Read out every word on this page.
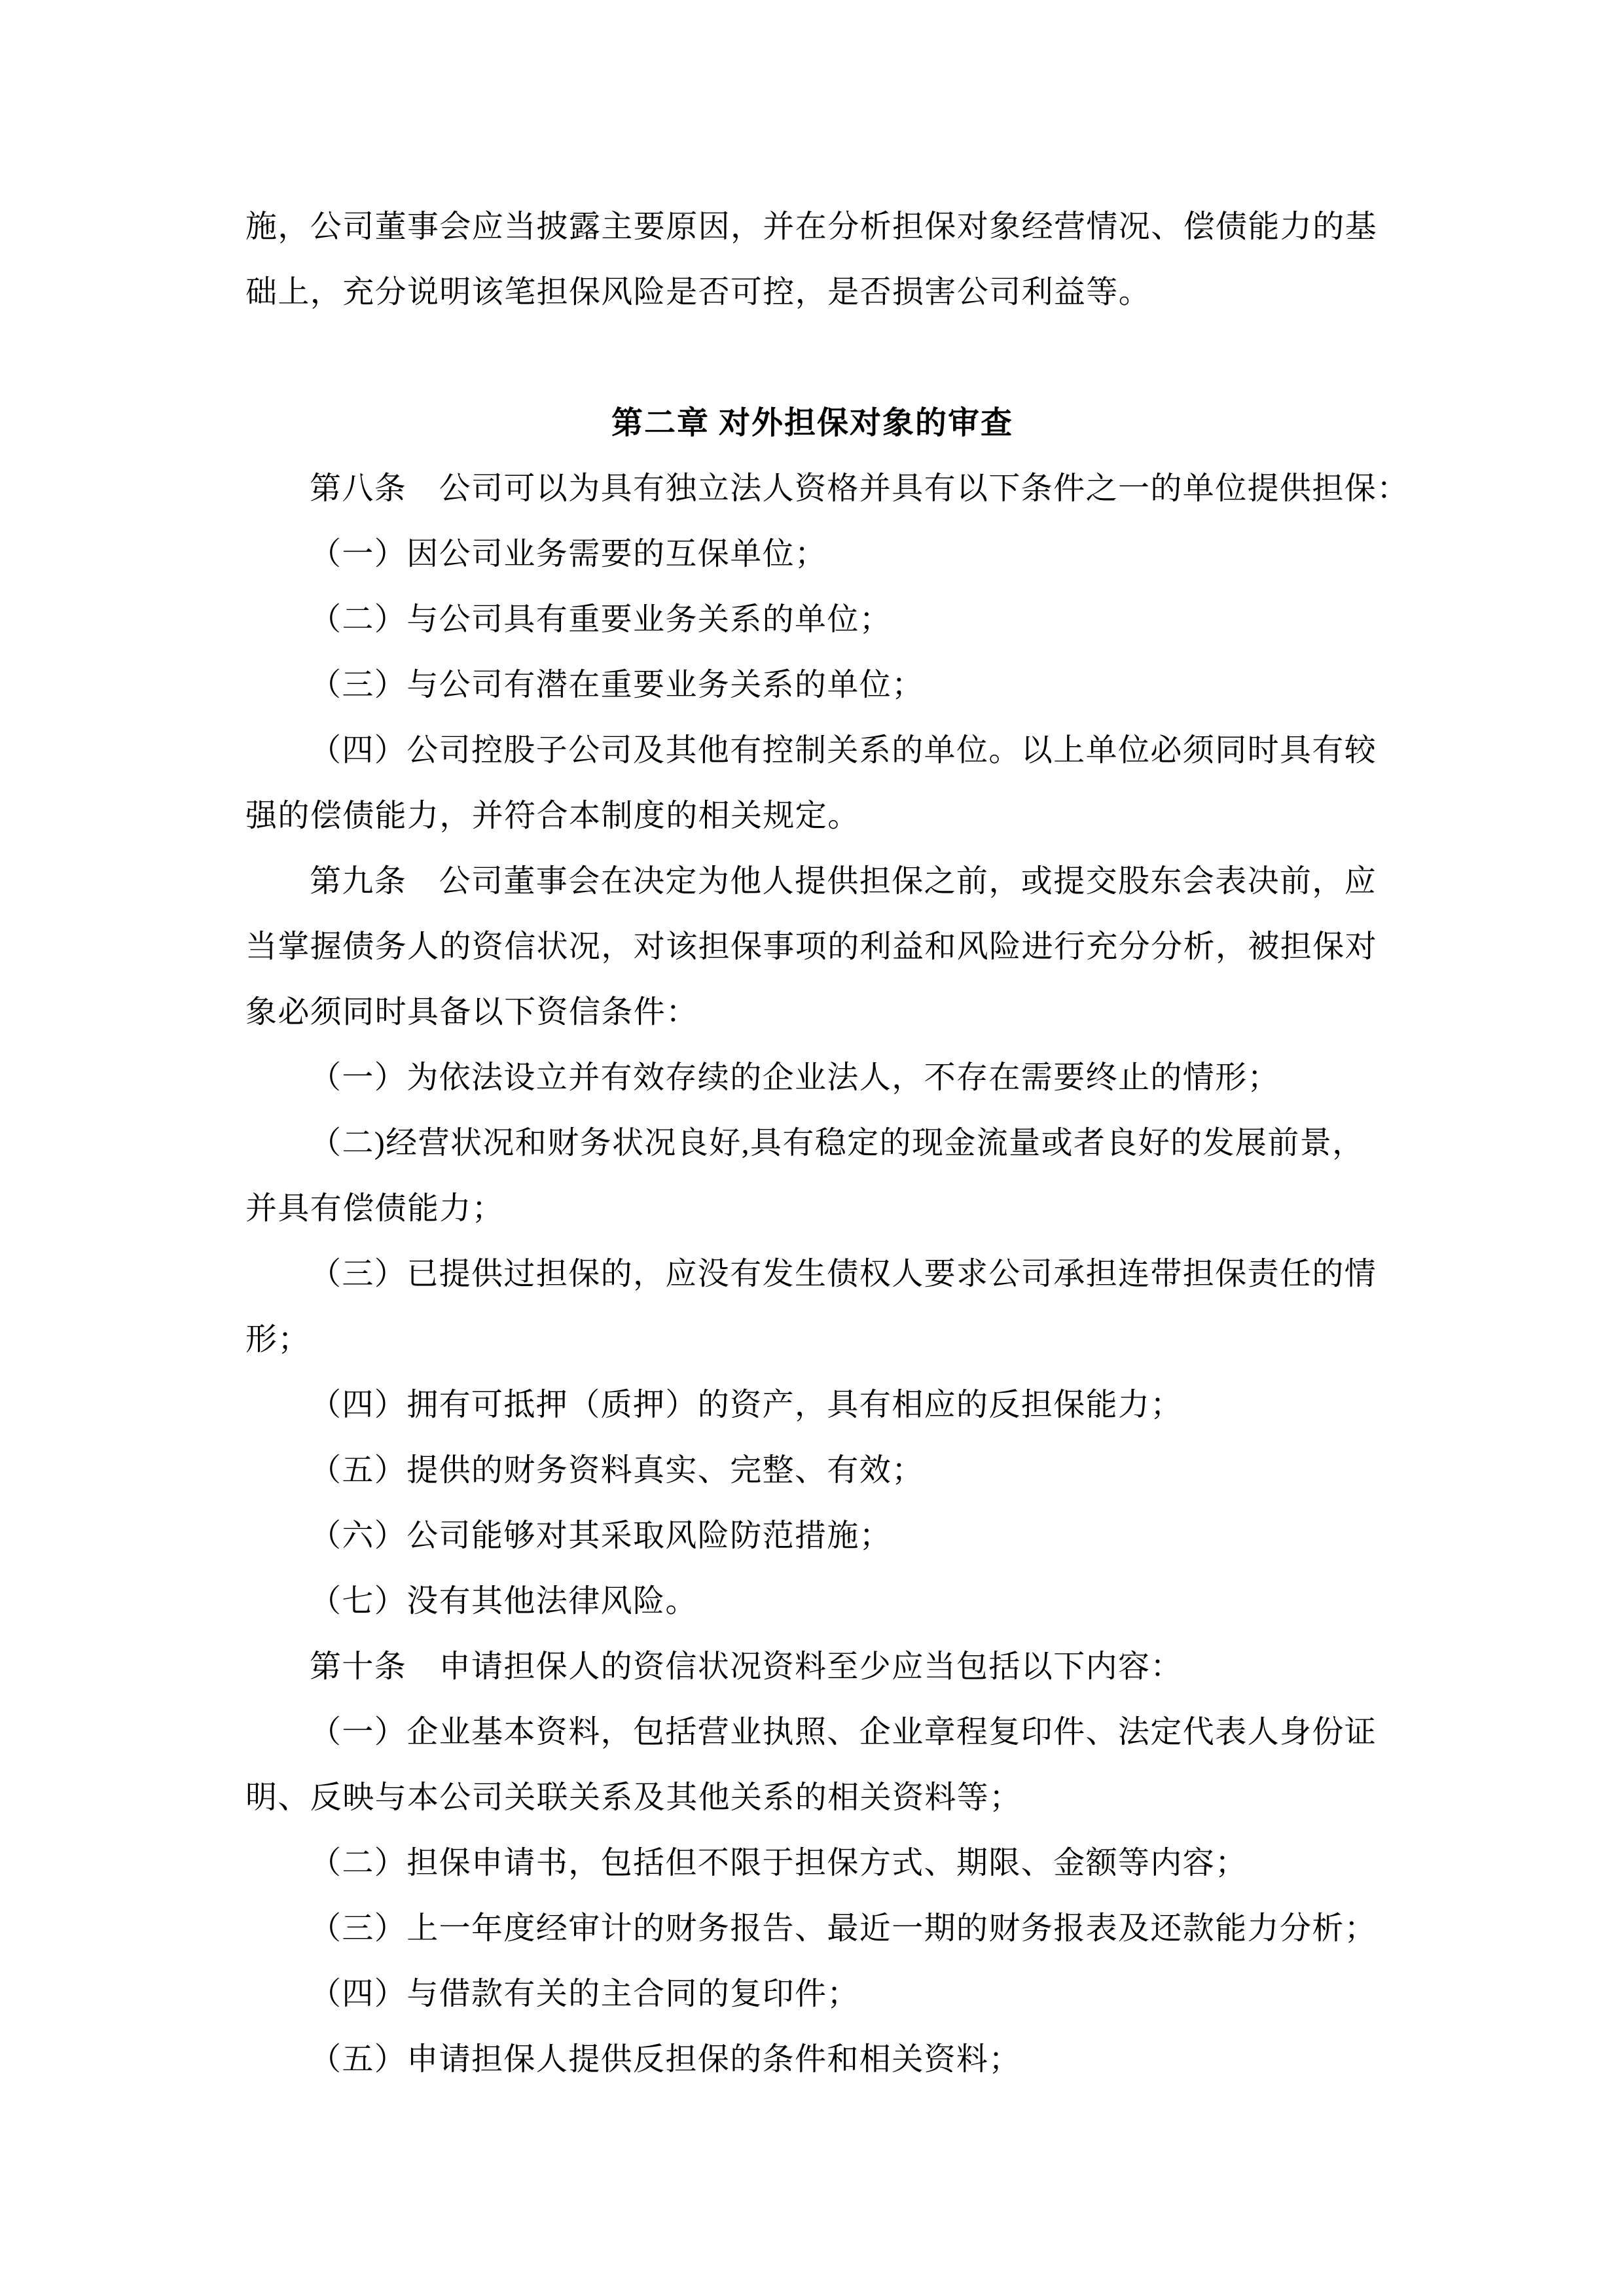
施，公司董事会应当披露主要原因，并在分析担保对象经营情况、偿债能力的基
础上，充分说明该笔担保风险是否可控，是否损害公司利益等。
第二章 对外担保对象的审查
第八条　公司可以为具有独立法人资格并具有以下条件之一的单位提供担保：
（一）因公司业务需要的互保单位；
（二）与公司具有重要业务关系的单位；
（三）与公司有潜在重要业务关系的单位；
（四）公司控股子公司及其他有控制关系的单位。以上单位必须同时具有较
强的偿债能力，并符合本制度的相关规定。
第九条　公司董事会在决定为他人提供担保之前，或提交股东会表决前，应
当掌握债务人的资信状况，对该担保事项的利益和风险进行充分分析，被担保对
象必须同时具备以下资信条件：
（一）为依法设立并有效存续的企业法人，不存在需要终止的情形；
（二)经营状况和财务状况良好,具有稳定的现金流量或者良好的发展前景，
并具有偿债能力；
（三）已提供过担保的，应没有发生债权人要求公司承担连带担保责任的情
形；
（四）拥有可抵押（质押）的资产，具有相应的反担保能力；
（五）提供的财务资料真实、完整、有效；
（六）公司能够对其采取风险防范措施；
（七）没有其他法律风险。
第十条　申请担保人的资信状况资料至少应当包括以下内容：
（一）企业基本资料，包括营业执照、企业章程复印件、法定代表人身份证
明、反映与本公司关联关系及其他关系的相关资料等；
（二）担保申请书，包括但不限于担保方式、期限、金额等内容；
（三）上一年度经审计的财务报告、最近一期的财务报表及还款能力分析；
（四）与借款有关的主合同的复印件；
（五）申请担保人提供反担保的条件和相关资料；
